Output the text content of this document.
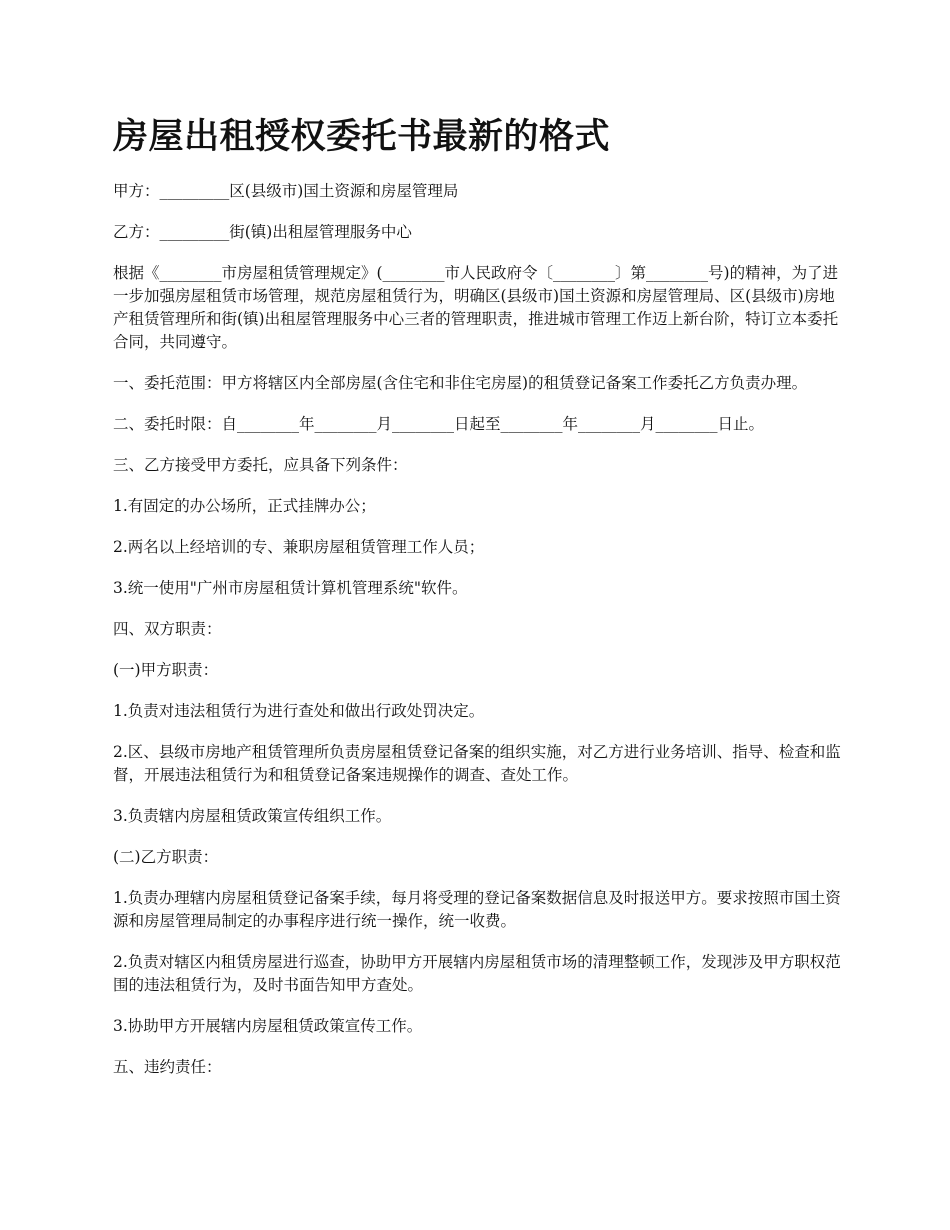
房屋出租授权委托书最新的格式

甲方：_________区(县级市)国土资源和房屋管理局

乙方：_________街(镇)出租屋管理服务中心

根据《________市房屋租赁管理规定》(________市人民政府令〔________〕第________号)的精神，为了进一步加强房屋租赁市场管理，规范房屋租赁行为，明确区(县级市)国土资源和房屋管理局、区(县级市)房地产租赁管理所和街(镇)出租屋管理服务中心三者的管理职责，推进城市管理工作迈上新台阶，特订立本委托合同，共同遵守。

一、委托范围：甲方将辖区内全部房屋(含住宅和非住宅房屋)的租赁登记备案工作委托乙方负责办理。

二、委托时限：自________年________月________日起至________年________月________日止。

三、乙方接受甲方委托，应具备下列条件：

1.有固定的办公场所，正式挂牌办公；

2.两名以上经培训的专、兼职房屋租赁管理工作人员；

3.统一使用"广州市房屋租赁计算机管理系统"软件。

四、双方职责：

(一)甲方职责：

1.负责对违法租赁行为进行查处和做出行政处罚决定。

2.区、县级市房地产租赁管理所负责房屋租赁登记备案的组织实施，对乙方进行业务培训、指导、检查和监督，开展违法租赁行为和租赁登记备案违规操作的调查、查处工作。

3.负责辖内房屋租赁政策宣传组织工作。

(二)乙方职责：

1.负责办理辖内房屋租赁登记备案手续，每月将受理的登记备案数据信息及时报送甲方。要求按照市国土资源和房屋管理局制定的办事程序进行统一操作，统一收费。

2.负责对辖区内租赁房屋进行巡查，协助甲方开展辖内房屋租赁市场的清理整顿工作，发现涉及甲方职权范围的违法租赁行为，及时书面告知甲方查处。

3.协助甲方开展辖内房屋租赁政策宣传工作。

五、违约责任：
